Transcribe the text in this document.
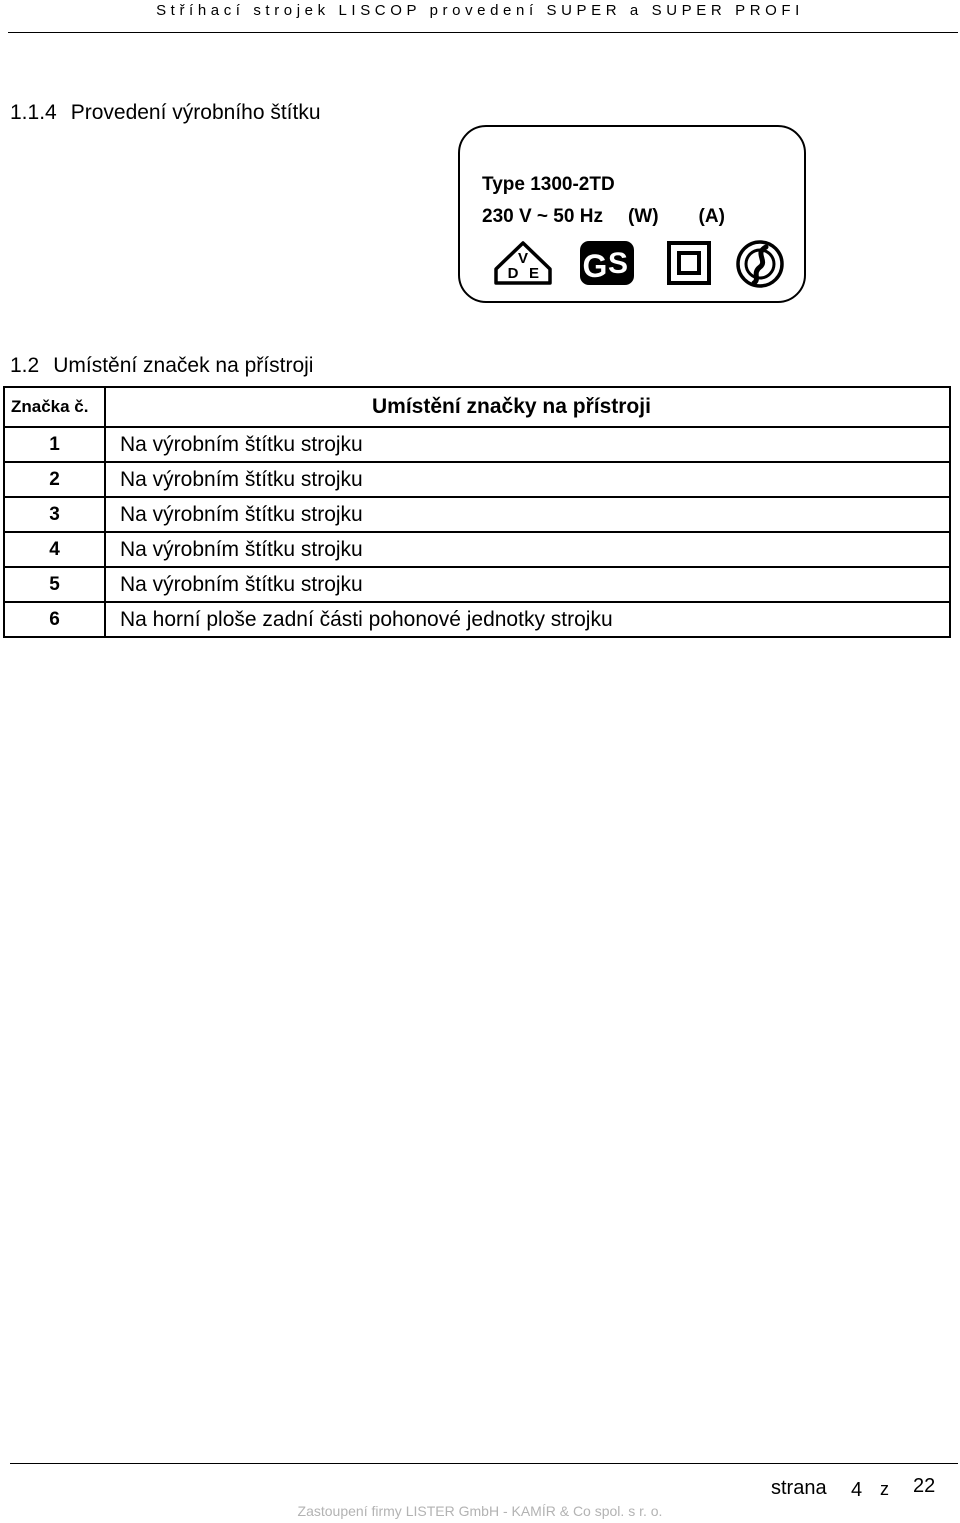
Stříhací strojek LISCOP provedení SUPER a SUPER PROFI
1.1.4 Provedení výrobního štítku
Type 1300-2TD
230 V ~ 50 Hz (W) (A)
V
D E G S
1.2 Umístění značek na přístroji
Značka č.	Umístění značky na přístroji
1	Na výrobním štítku strojku
2	Na výrobním štítku strojku
3	Na výrobním štítku strojku
4	Na výrobním štítku strojku
5	Na výrobním štítku strojku
6	Na horní ploše zadní části pohonové jednotky strojku
strana 4 z 22
Zastoupení firmy LISTER GmbH - KAMÍR & Co spol. s r. o.
